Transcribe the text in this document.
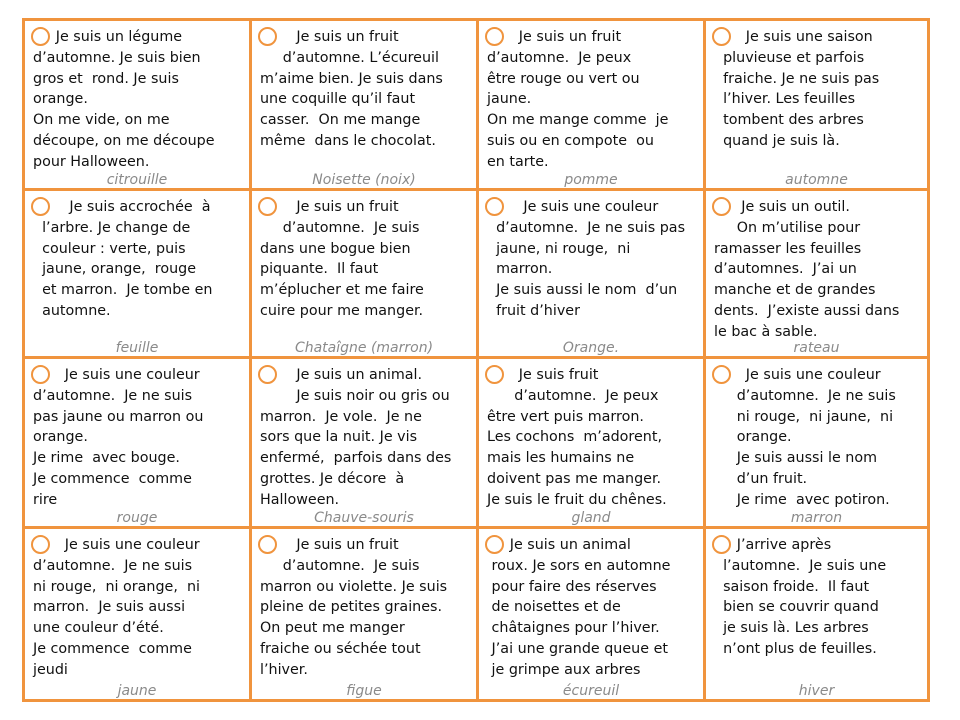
Je suis un légume
d’automne. Je suis bien
gros et  rond. Je suis
orange.
On me vide, on me
découpe, on me découpe
pour Halloween.

citrouille

Je suis un fruit
d’automne. L’écureuil
m’aime bien. Je suis dans
une coquille qu’il faut
casser.  On me mange
même  dans le chocolat.

Noisette (noix)

Je suis un fruit
d’automne.  Je peux
être rouge ou vert ou
jaune.
On me mange comme  je
suis ou en compote  ou
en tarte.

pomme

Je suis une saison
pluvieuse et parfois
fraiche. Je ne suis pas
l’hiver. Les feuilles
tombent des arbres
quand je suis là.

automne

Je suis accrochée  à
l’arbre. Je change de
couleur : verte, puis
jaune, orange,  rouge
et marron.  Je tombe en
automne.

feuille

Je suis un fruit
d’automne.  Je suis
dans une bogue bien
piquante.  Il faut
m’éplucher et me faire
cuire pour me manger.

Chataîgne (marron)

Je suis une couleur
d’automne.  Je ne suis pas
jaune, ni rouge,  ni
marron.
Je suis aussi le nom  d’un
fruit d’hiver

Orange.

Je suis un outil.
On m’utilise pour
ramasser les feuilles
d’automnes.  J’ai un
manche et de grandes
dents.  J’existe aussi dans
le bac à sable.

rateau

Je suis une couleur
d’automne.  Je ne suis
pas jaune ou marron ou
orange.
Je rime  avec bouge.
Je commence  comme
rire

rouge

Je suis un animal.
Je suis noir ou gris ou
marron.  Je vole.  Je ne
sors que la nuit. Je vis
enfermé,  parfois dans des
grottes. Je décore  à
Halloween.

Chauve-souris

Je suis fruit
d’automne.  Je peux
être vert puis marron.
Les cochons  m’adorent,
mais les humains ne
doivent pas me manger.
Je suis le fruit du chênes.

gland

Je suis une couleur
d’automne.  Je ne suis
ni rouge,  ni jaune,  ni
orange.
Je suis aussi le nom
d’un fruit.
Je rime  avec potiron.

marron

Je suis une couleur
d’automne.  Je ne suis
ni rouge,  ni orange,  ni
marron.  Je suis aussi
une couleur d’été.
Je commence  comme
jeudi

jaune

Je suis un fruit
d’automne.  Je suis
marron ou violette. Je suis
pleine de petites graines.
On peut me manger
fraiche ou séchée tout
l’hiver.

figue

Je suis un animal
roux. Je sors en automne
pour faire des réserves
de noisettes et de
châtaignes pour l’hiver.
J’ai une grande queue et
je grimpe aux arbres

écureuil

J’arrive après
l’automne.  Je suis une
saison froide.  Il faut
bien se couvrir quand
je suis là. Les arbres
n’ont plus de feuilles.

hiver
